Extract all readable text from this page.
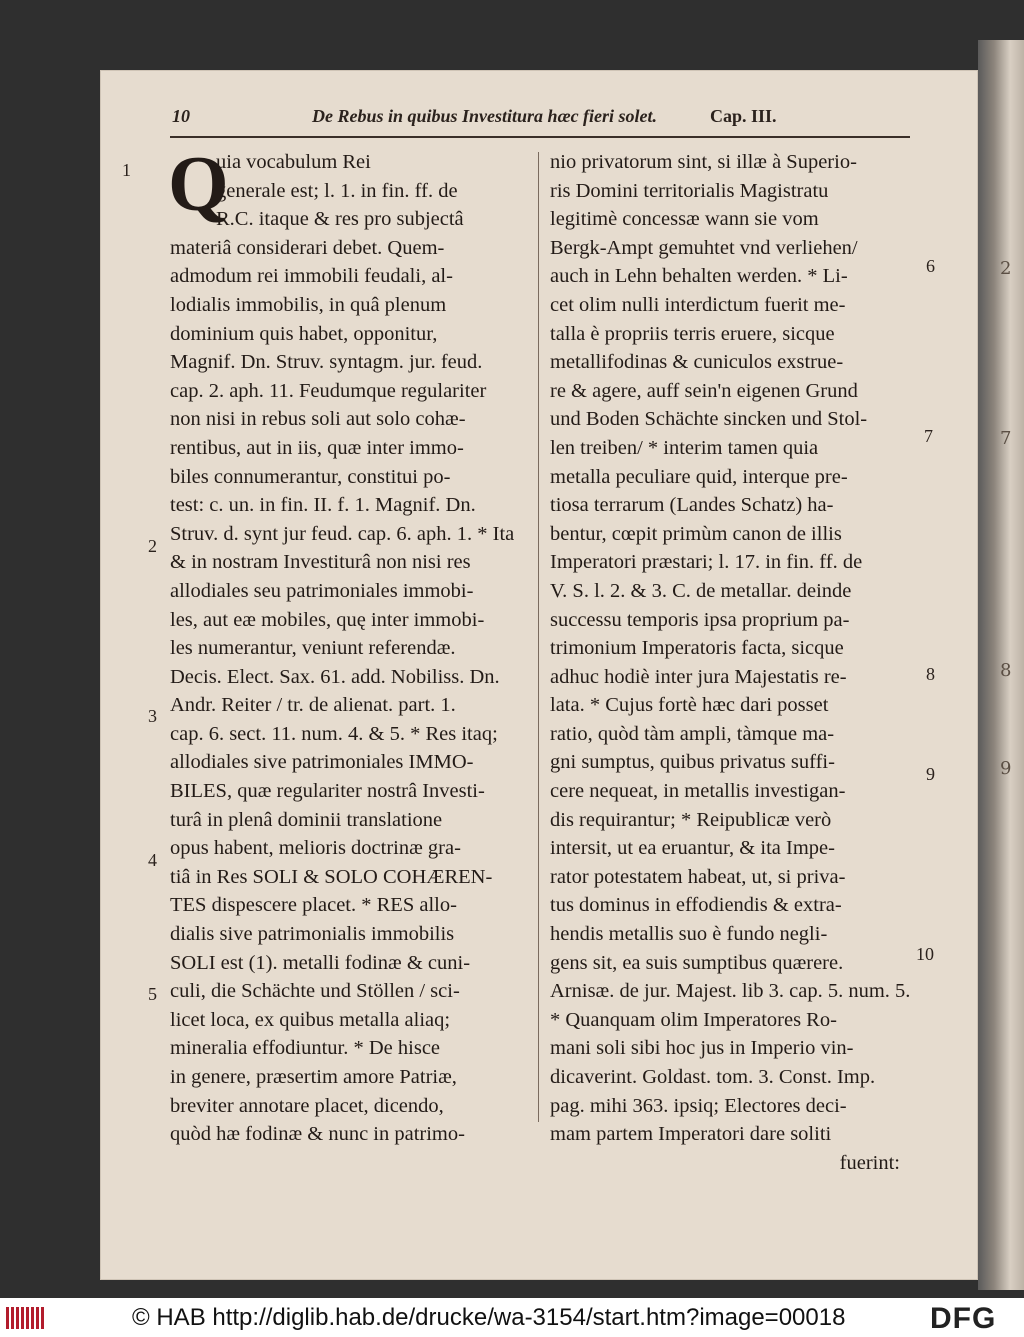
2
7
8
9
10	De Rebus in quibus Investitura hæc fieri solet.	Cap. III.
1
2
3
4
5
6
7
8
9
10
Q
uia vocabulum Rei
generale est; l. 1. in fin. ff. de
R.C. itaque & res pro subjectâ
materiâ considerari debet. Quem-
admodum rei immobili feudali, al-
lodialis immobilis, in quâ plenum
dominium quis habet, opponitur,
Magnif. Dn. Struv. syntagm. jur. feud.
cap. 2. aph. 11. Feudumque regulariter
non nisi in rebus soli aut solo cohæ-
rentibus, aut in iis, quæ inter immo-
biles connumerantur, constitui po-
test: c. un. in fin. II. f. 1. Magnif. Dn.
Struv. d. synt jur feud. cap. 6. aph. 1. * Ita
& in nostram Investiturâ non nisi res
allodiales seu patrimoniales immobi-
les, aut eæ mobiles, quę inter immobi-
les numerantur, veniunt referendæ.
Decis. Elect. Sax. 61. add. Nobiliss. Dn.
Andr. Reiter / tr. de alienat. part. 1.
cap. 6. sect. 11. num. 4. & 5. * Res itaq;
allodiales sive patrimoniales IMMO-
BILES, quæ regulariter nostrâ Investi-
turâ in plenâ dominii translatione
opus habent, melioris doctrinæ gra-
tiâ in Res SOLI & SOLO COHÆREN-
TES dispescere placet. * RES allo-
dialis sive patrimonialis immobilis
SOLI est (1). metalli fodinæ & cuni-
culi, die Schächte und Stöllen / sci-
licet loca, ex quibus metalla aliaq;
mineralia effodiuntur. * De hisce
in genere, præsertim amore Patriæ,
breviter annotare placet, dicendo,
quòd hæ fodinæ & nunc in patrimo-
nio privatorum sint, si illæ à Superio-
ris Domini territorialis Magistratu
legitimè concessæ wann sie vom
Bergk-Ampt gemuhtet vnd verliehen/
auch in Lehn behalten werden. * Li-
cet olim nulli interdictum fuerit me-
talla è propriis terris eruere, sicque
metallifodinas & cuniculos exstrue-
re & agere, auff sein'n eigenen Grund
und Boden Schächte sincken und Stol-
len treiben/ * interim tamen quia
metalla peculiare quid, interque pre-
tiosa terrarum (Landes Schatz) ha-
bentur, cœpit primùm canon de illis
Imperatori præstari; l. 17. in fin. ff. de
V. S. l. 2. & 3. C. de metallar. deinde
successu temporis ipsa proprium pa-
trimonium Imperatoris facta, sicque
adhuc hodiè inter jura Majestatis re-
lata. * Cujus fortè hæc dari posset
ratio, quòd tàm ampli, tàmque ma-
gni sumptus, quibus privatus suffi-
cere nequeat, in metallis investigan-
dis requirantur; * Reipublicæ verò
intersit, ut ea eruantur, & ita Impe-
rator potestatem habeat, ut, si priva-
tus dominus in effodiendis & extra-
hendis metallis suo è fundo negli-
gens sit, ea suis sumptibus quærere.
Arnisæ. de jur. Majest. lib 3. cap. 5. num. 5.
* Quanquam olim Imperatores Ro-
mani soli sibi hoc jus in Imperio vin-
dicaverint. Goldast. tom. 3. Const. Imp.
pag. mihi 363. ipsiq; Electores deci-
mam partem Imperatori dare soliti
fuerint:
© HAB http://diglib.hab.de/drucke/wa-3154/start.htm?image=00018	DFG
